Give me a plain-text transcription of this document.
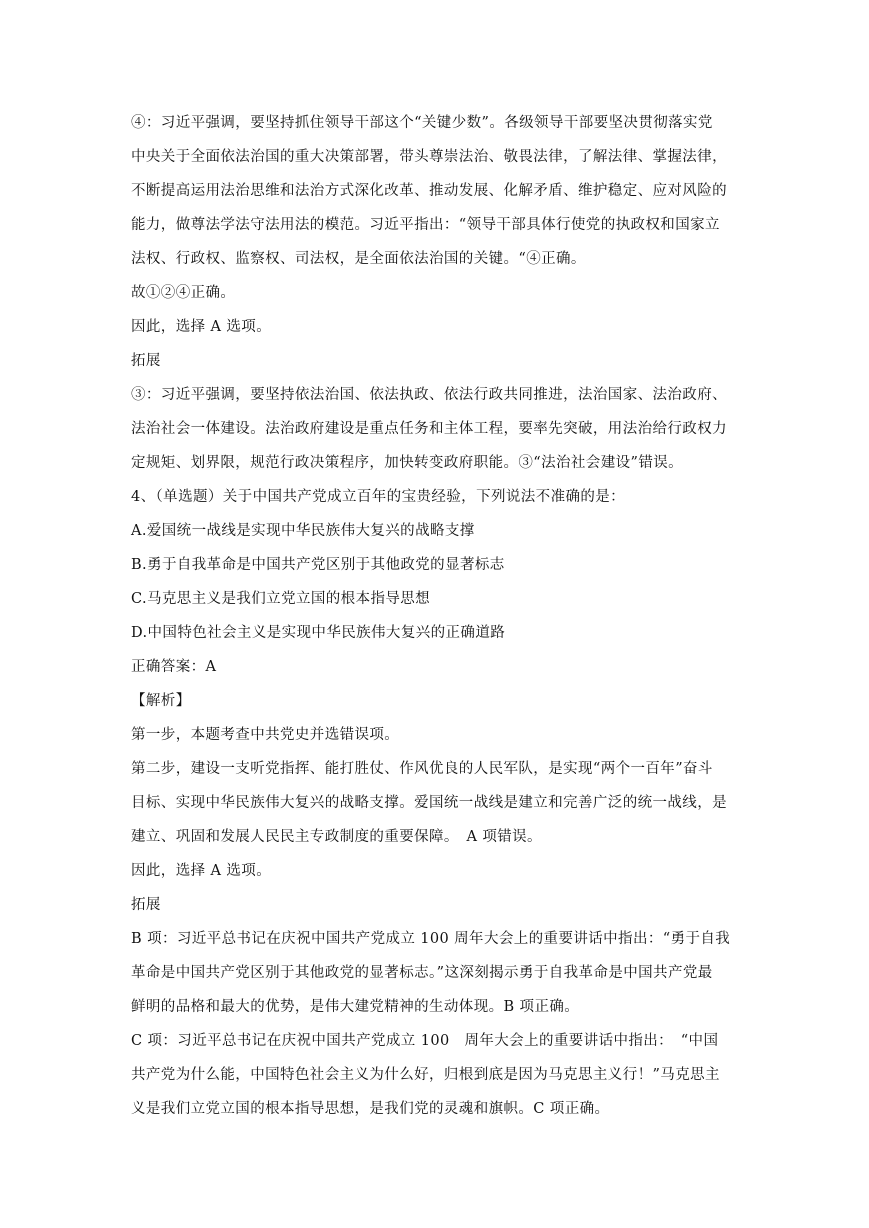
④：习近平强调，要坚持抓住领导干部这个“关键少数”。各级领导干部要坚决贯彻落实党
中央关于全面依法治国的重大决策部署，带头尊崇法治、敬畏法律，了解法律、掌握法律，
不断提高运用法治思维和法治方式深化改革、推动发展、化解矛盾、维护稳定、应对风险的
能力，做尊法学法守法用法的模范。习近平指出：“领导干部具体行使党的执政权和国家立
法权、行政权、监察权、司法权，是全面依法治国的关键。“④正确。
故①②④正确。
因此，选择 A 选项。
拓展
③：习近平强调，要坚持依法治国、依法执政、依法行政共同推进，法治国家、法治政府、
法治社会一体建设。法治政府建设是重点任务和主体工程，要率先突破，用法治给行政权力
定规矩、划界限，规范行政决策程序，加快转变政府职能。③“法治社会建设”错误。
4、（单选题）关于中国共产党成立百年的宝贵经验，下列说法不准确的是：
A.爱国统一战线是实现中华民族伟大复兴的战略支撑
B.勇于自我革命是中国共产党区别于其他政党的显著标志
C.马克思主义是我们立党立国的根本指导思想
D.中国特色社会主义是实现中华民族伟大复兴的正确道路
正确答案：A
【解析】
第一步，本题考查中共党史并选错误项。
第二步，建设一支听党指挥、能打胜仗、作风优良的人民军队，是实现“两个一百年”奋斗
目标、实现中华民族伟大复兴的战略支撑。爱国统一战线是建立和完善广泛的统一战线，是
建立、巩固和发展人民民主专政制度的重要保障。　A 项错误。
因此，选择 A 选项。
拓展
B 项：习近平总书记在庆祝中国共产党成立 100 周年大会上的重要讲话中指出：“勇于自我
革命是中国共产党区别于其他政党的显著标志。”这深刻揭示勇于自我革命是中国共产党最
鲜明的品格和最大的优势，是伟大建党精神的生动体现。B 项正确。
C 项：习近平总书记在庆祝中国共产党成立 100　周年大会上的重要讲话中指出：　“中国
共产党为什么能，中国特色社会主义为什么好，归根到底是因为马克思主义行！”马克思主
义是我们立党立国的根本指导思想，是我们党的灵魂和旗帜。C 项正确。
